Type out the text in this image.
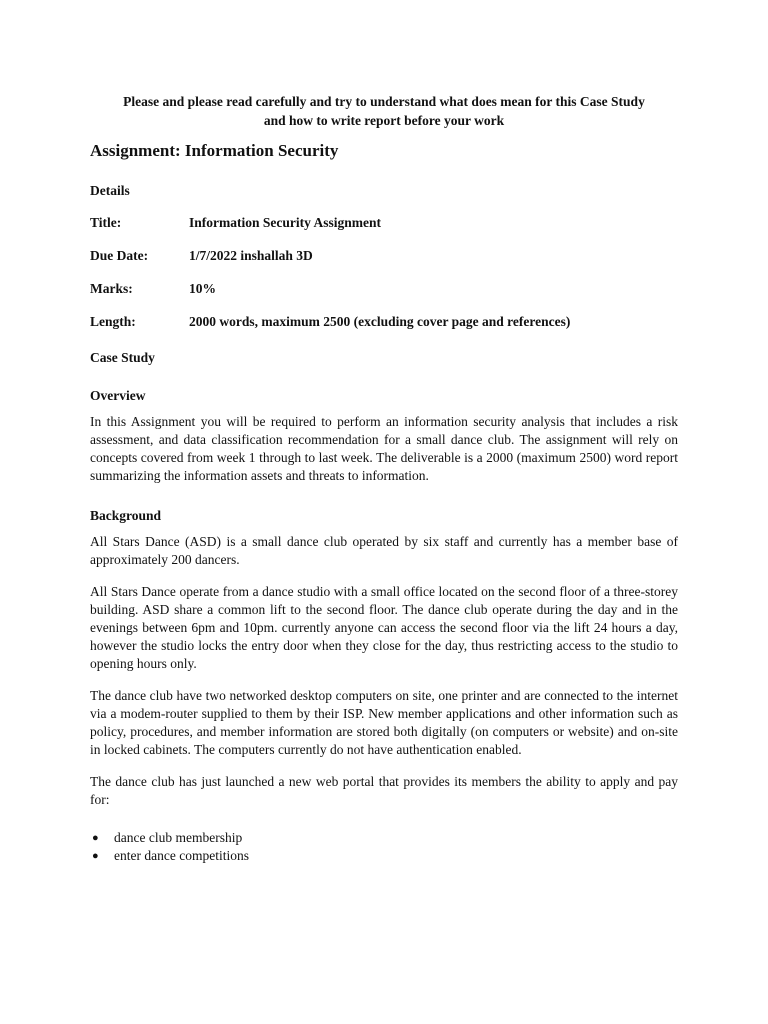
Please and please read carefully and try to understand what does mean for this Case Study
and how to write report before your work
Assignment: Information Security
Details
Title:	Information Security Assignment
Due Date:	1/7/2022 inshallah 3D
Marks:	10%
Length:	2000 words, maximum 2500 (excluding cover page and references)
Case Study
Overview

In this Assignment you will be required to perform an information security analysis that includes a risk assessment, and data classification recommendation for a small dance club. The assignment will rely on concepts covered from week 1 through to last week. The deliverable is a 2000 (maximum 2500) word report summarizing the information assets and threats to information.

Background

All Stars Dance (ASD) is a small dance club operated by six staff and currently has a member base of approximately 200 dancers.

All Stars Dance operate from a dance studio with a small office located on the second floor of a three-storey building. ASD share a common lift to the second floor. The dance club operate during the day and in the evenings between 6pm and 10pm. currently anyone can access the second floor via the lift 24 hours a day, however the studio locks the entry door when they close for the day, thus restricting access to the studio to opening hours only.

The dance club have two networked desktop computers on site, one printer and are connected to the internet via a modem-router supplied to them by their ISP. New member applications and other information such as policy, procedures, and member information are stored both digitally (on computers or website) and on-site in locked cabinets. The computers currently do not have authentication enabled.

The dance club has just launched a new web portal that provides its members the ability to apply and pay for:

●	dance club membership
●	enter dance competitions
